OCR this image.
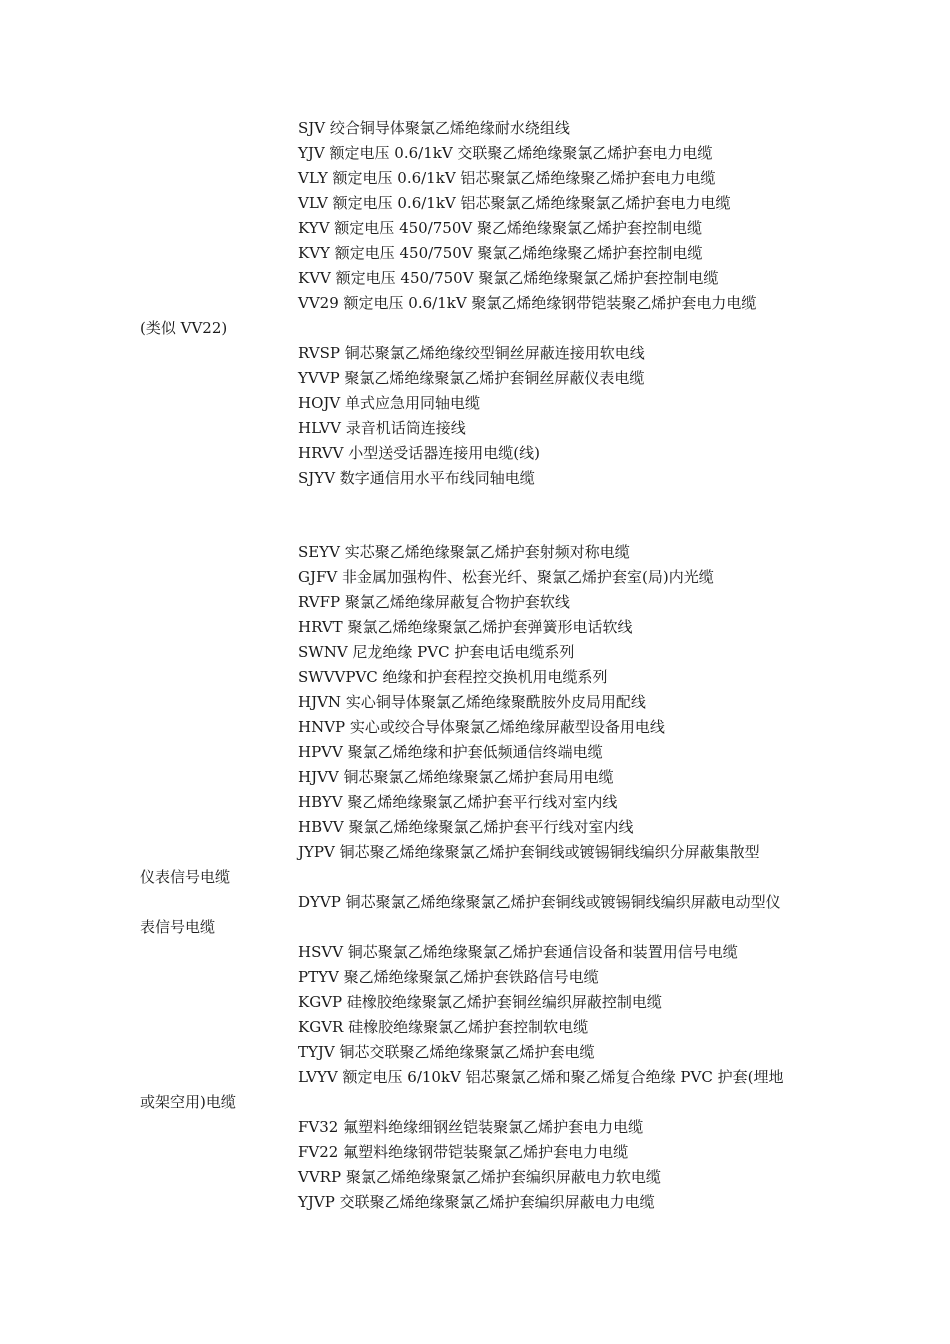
SJV 绞合铜导体聚氯乙烯绝缘耐水绕组线
YJV 额定电压 0.6/1kV 交联聚乙烯绝缘聚氯乙烯护套电力电缆
VLY 额定电压 0.6/1kV 铝芯聚氯乙烯绝缘聚乙烯护套电力电缆
VLV 额定电压 0.6/1kV 铝芯聚氯乙烯绝缘聚氯乙烯护套电力电缆
KYV 额定电压 450/750V 聚乙烯绝缘聚氯乙烯护套控制电缆
KVY 额定电压 450/750V 聚氯乙烯绝缘聚乙烯护套控制电缆
KVV 额定电压 450/750V 聚氯乙烯绝缘聚氯乙烯护套控制电缆
VV29 额定电压 0.6/1kV 聚氯乙烯绝缘钢带铠装聚乙烯护套电力电缆
(类似 VV22)
RVSP 铜芯聚氯乙烯绝缘绞型铜丝屏蔽连接用软电线
YVVP 聚氯乙烯绝缘聚氯乙烯护套铜丝屏蔽仪表电缆
HOJV 单式应急用同轴电缆
HLVV 录音机话筒连接线
HRVV 小型送受话器连接用电缆(线)
SJYV 数字通信用水平布线同轴电缆
SEYV 实芯聚乙烯绝缘聚氯乙烯护套射频对称电缆
GJFV 非金属加强构件、松套光纤、聚氯乙烯护套室(局)内光缆
RVFP 聚氯乙烯绝缘屏蔽复合物护套软线
HRVT 聚氯乙烯绝缘聚氯乙烯护套弹簧形电话软线
SWNV 尼龙绝缘 PVC 护套电话电缆系列
SWVVPVC 绝缘和护套程控交换机用电缆系列
HJVN 实心铜导体聚氯乙烯绝缘聚酰胺外皮局用配线
HNVP 实心或绞合导体聚氯乙烯绝缘屏蔽型设备用电线
HPVV 聚氯乙烯绝缘和护套低频通信终端电缆
HJVV 铜芯聚氯乙烯绝缘聚氯乙烯护套局用电缆
HBYV 聚乙烯绝缘聚氯乙烯护套平行线对室内线
HBVV 聚氯乙烯绝缘聚氯乙烯护套平行线对室内线
JYPV 铜芯聚乙烯绝缘聚氯乙烯护套铜线或镀锡铜线编织分屏蔽集散型
仪表信号电缆
DYVP 铜芯聚氯乙烯绝缘聚氯乙烯护套铜线或镀锡铜线编织屏蔽电动型仪
表信号电缆
HSVV 铜芯聚氯乙烯绝缘聚氯乙烯护套通信设备和装置用信号电缆
PTYV 聚乙烯绝缘聚氯乙烯护套铁路信号电缆
KGVP 硅橡胶绝缘聚氯乙烯护套铜丝编织屏蔽控制电缆
KGVR 硅橡胶绝缘聚氯乙烯护套控制软电缆
TYJV 铜芯交联聚乙烯绝缘聚氯乙烯护套电缆
LVYV 额定电压 6/10kV 铝芯聚氯乙烯和聚乙烯复合绝缘 PVC 护套(埋地
或架空用)电缆
FV32 氟塑料绝缘细钢丝铠装聚氯乙烯护套电力电缆
FV22 氟塑料绝缘钢带铠装聚氯乙烯护套电力电缆
VVRP 聚氯乙烯绝缘聚氯乙烯护套编织屏蔽电力软电缆
YJVP 交联聚乙烯绝缘聚氯乙烯护套编织屏蔽电力电缆
